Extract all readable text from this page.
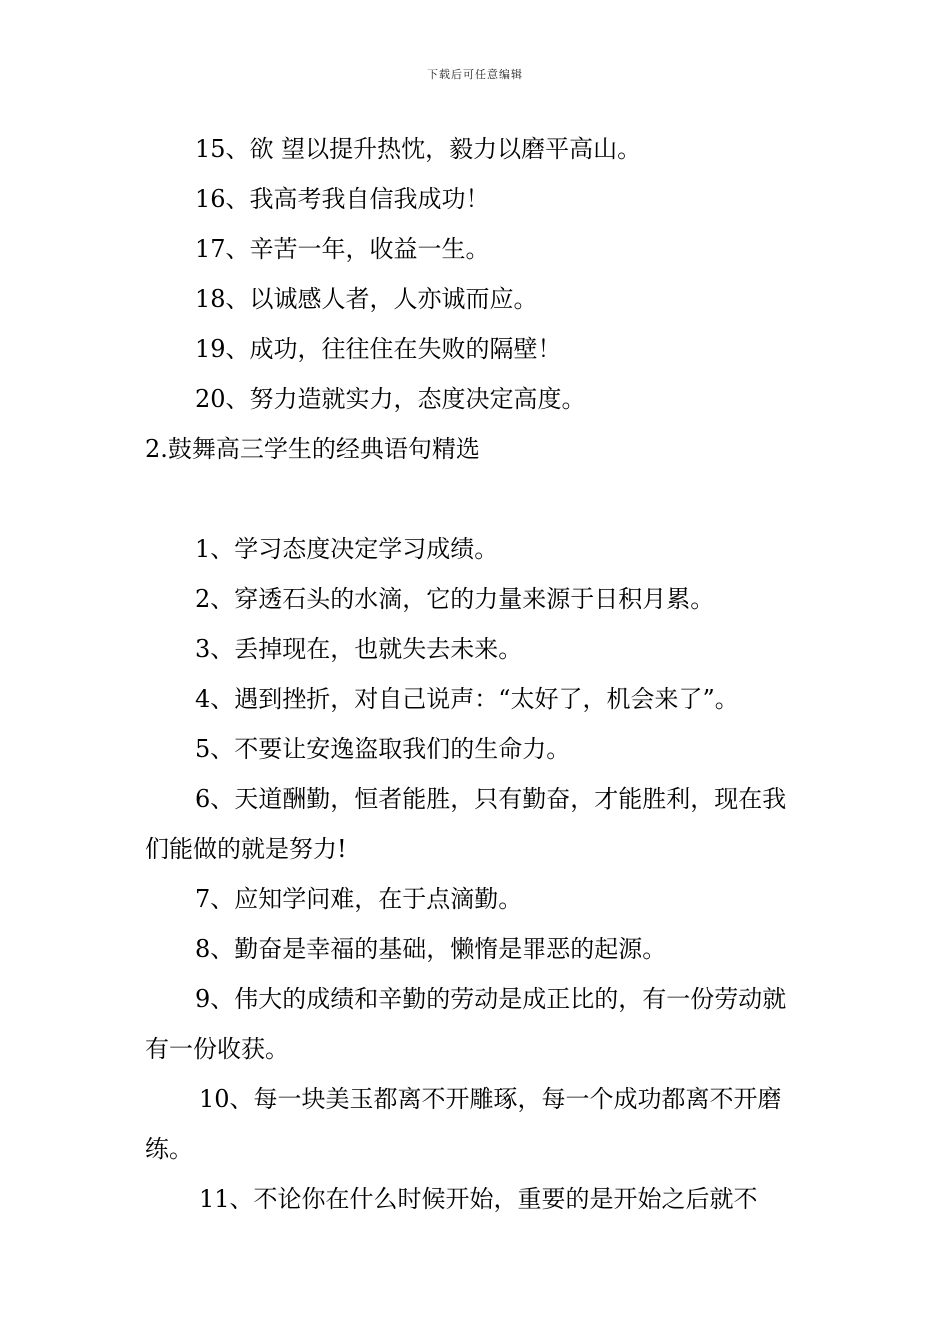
下载后可任意编辑

15、欲 望以提升热忱，毅力以磨平高山。

16、我高考我自信我成功！

17、辛苦一年，收益一生。

18、以诚感人者，人亦诚而应。

19、成功，往往住在失败的隔壁！

20、努力造就实力，态度决定高度。

2.鼓舞高三学生的经典语句精选

1、学习态度决定学习成绩。

2、穿透石头的水滴，它的力量来源于日积月累。

3、丢掉现在，也就失去未来。

4、遇到挫折，对自己说声：“太好了，机会来了”。

5、不要让安逸盗取我们的生命力。

6、天道酬勤，恒者能胜，只有勤奋，才能胜利，现在我们能做的就是努力!

7、应知学问难，在于点滴勤。

8、勤奋是幸福的基础，懒惰是罪恶的起源。

9、伟大的成绩和辛勤的劳动是成正比的，有一份劳动就有一份收获。

10、每一块美玉都离不开雕琢，每一个成功都离不开磨练。

11、不论你在什么时候开始，重要的是开始之后就不
